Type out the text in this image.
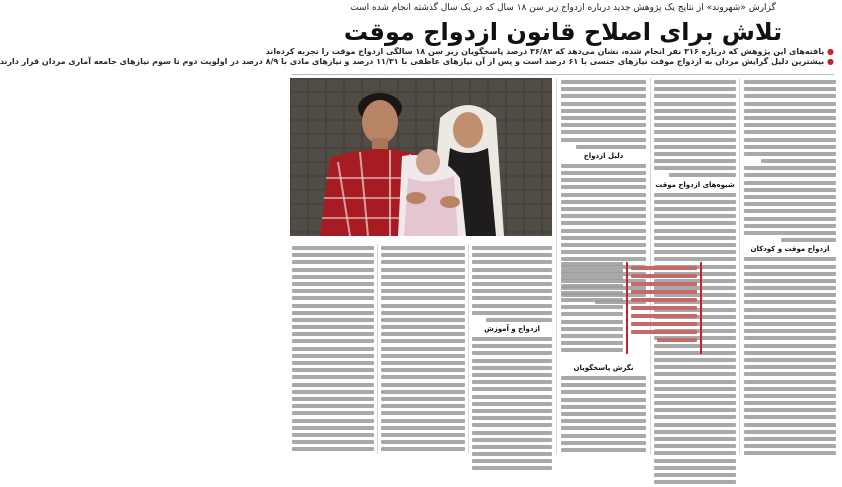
گزارش «شهروند» از نتایج یک پژوهش جدید درباره ازدواج زیر سن ۱۸ سال که در یک سال گذشته انجام شده است
تلاش برای اصلاح قانون ازدواج موقت

● یافته‌های این پژوهش که درباره ۳۱۶ نفر انجام شده، نشان می‌دهد که ۳۶/۸۲ درصد پاسخگویان زیر سن ۱۸ سالگی ازدواج موقت را تجربه کرده‌اند

● بیشترین دلیل گرایش مردان به ازدواج موقت نیازهای جنسی با ۶۱ درصد است و پس از آن نیازهای عاطفی با ۱۱/۳۱ درصد و نیازهای مادی با ۸/۹ درصد در اولویت دوم تا سوم نیازهای جامعه آماری مردان قرار دارند

ازدواج موقت و کودکان
شیوه‌های ازدواج موقت
دلیل ازدواج
نگرش پاسخگویان
ازدواج و آموزش
